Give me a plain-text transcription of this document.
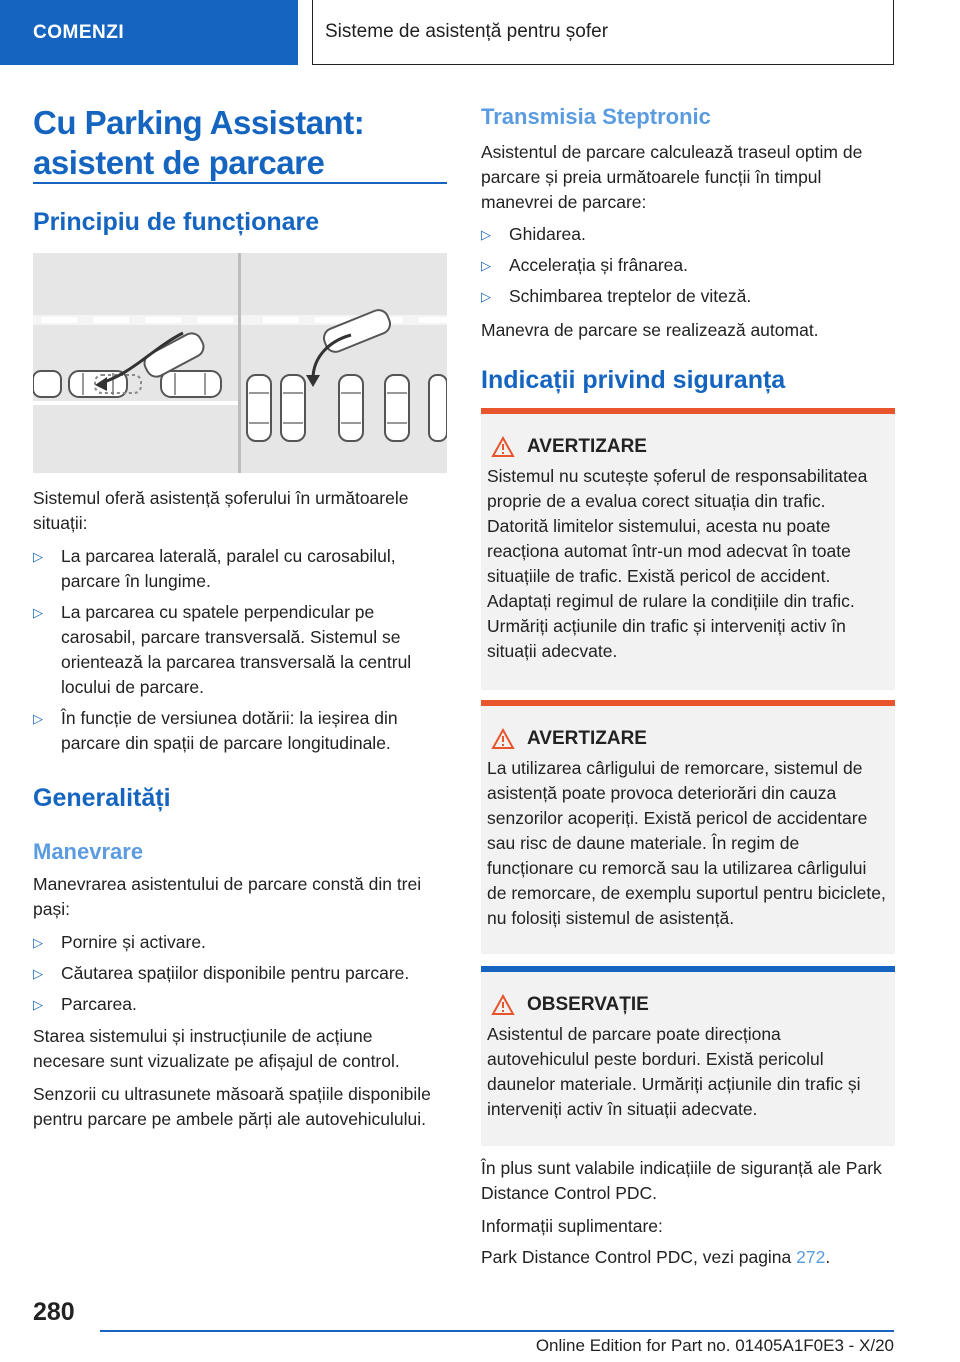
COMENZI	Sisteme de asistență pentru șofer
Cu Parking Assistant: asistent de parcare
Principiu de funcționare
Sistemul oferă asistență șoferului în următoarele situații:
▷ La parcarea laterală, paralel cu carosabilul, parcare în lungime.
▷ La parcarea cu spatele perpendicular pe carosabil, parcare transversală. Sistemul se orientează la parcarea transversală la centrul locului de parcare.
▷ În funcție de versiunea dotării: la ieșirea din parcare din spații de parcare longitudinale.
Generalități
Manevrare
Manevrarea asistentului de parcare constă din trei pași:
▷ Pornire și activare.
▷ Căutarea spațiilor disponibile pentru parcare.
▷ Parcarea.
Starea sistemului și instrucțiunile de acțiune necesare sunt vizualizate pe afișajul de control.
Senzorii cu ultrasunete măsoară spațiile disponibile pentru parcare pe ambele părți ale autovehiculului.
Transmisia Steptronic
Asistentul de parcare calculează traseul optim de parcare și preia următoarele funcții în timpul manevrei de parcare:
▷ Ghidarea.
▷ Accelerația și frânarea.
▷ Schimbarea treptelor de viteză.
Manevra de parcare se realizează automat.
Indicații privind siguranța
AVERTIZARE
Sistemul nu scutește șoferul de responsabilitatea proprie de a evalua corect situația din trafic. Datorită limitelor sistemului, acesta nu poate reacționa automat într-un mod adecvat în toate situațiile de trafic. Există pericol de accident. Adaptați regimul de rulare la condițiile din trafic. Urmăriți acțiunile din trafic și interveniți activ în situații adecvate.
AVERTIZARE
La utilizarea cârligului de remorcare, sistemul de asistență poate provoca deteriorări din cauza senzorilor acoperiți. Există pericol de accidentare sau risc de daune materiale. În regim de funcționare cu remorcă sau la utilizarea cârligului de remorcare, de exemplu suportul pentru biciclete, nu folosiți sistemul de asistență.
OBSERVAȚIE
Asistentul de parcare poate direcționa autovehiculul peste borduri. Există pericolul daunelor materiale. Urmăriți acțiunile din trafic și interveniți activ în situații adecvate.
În plus sunt valabile indicațiile de siguranță ale Park Distance Control PDC.
Informații suplimentare:
Park Distance Control PDC, vezi pagina 272.
280
Online Edition for Part no. 01405A1F0E3 - X/20
